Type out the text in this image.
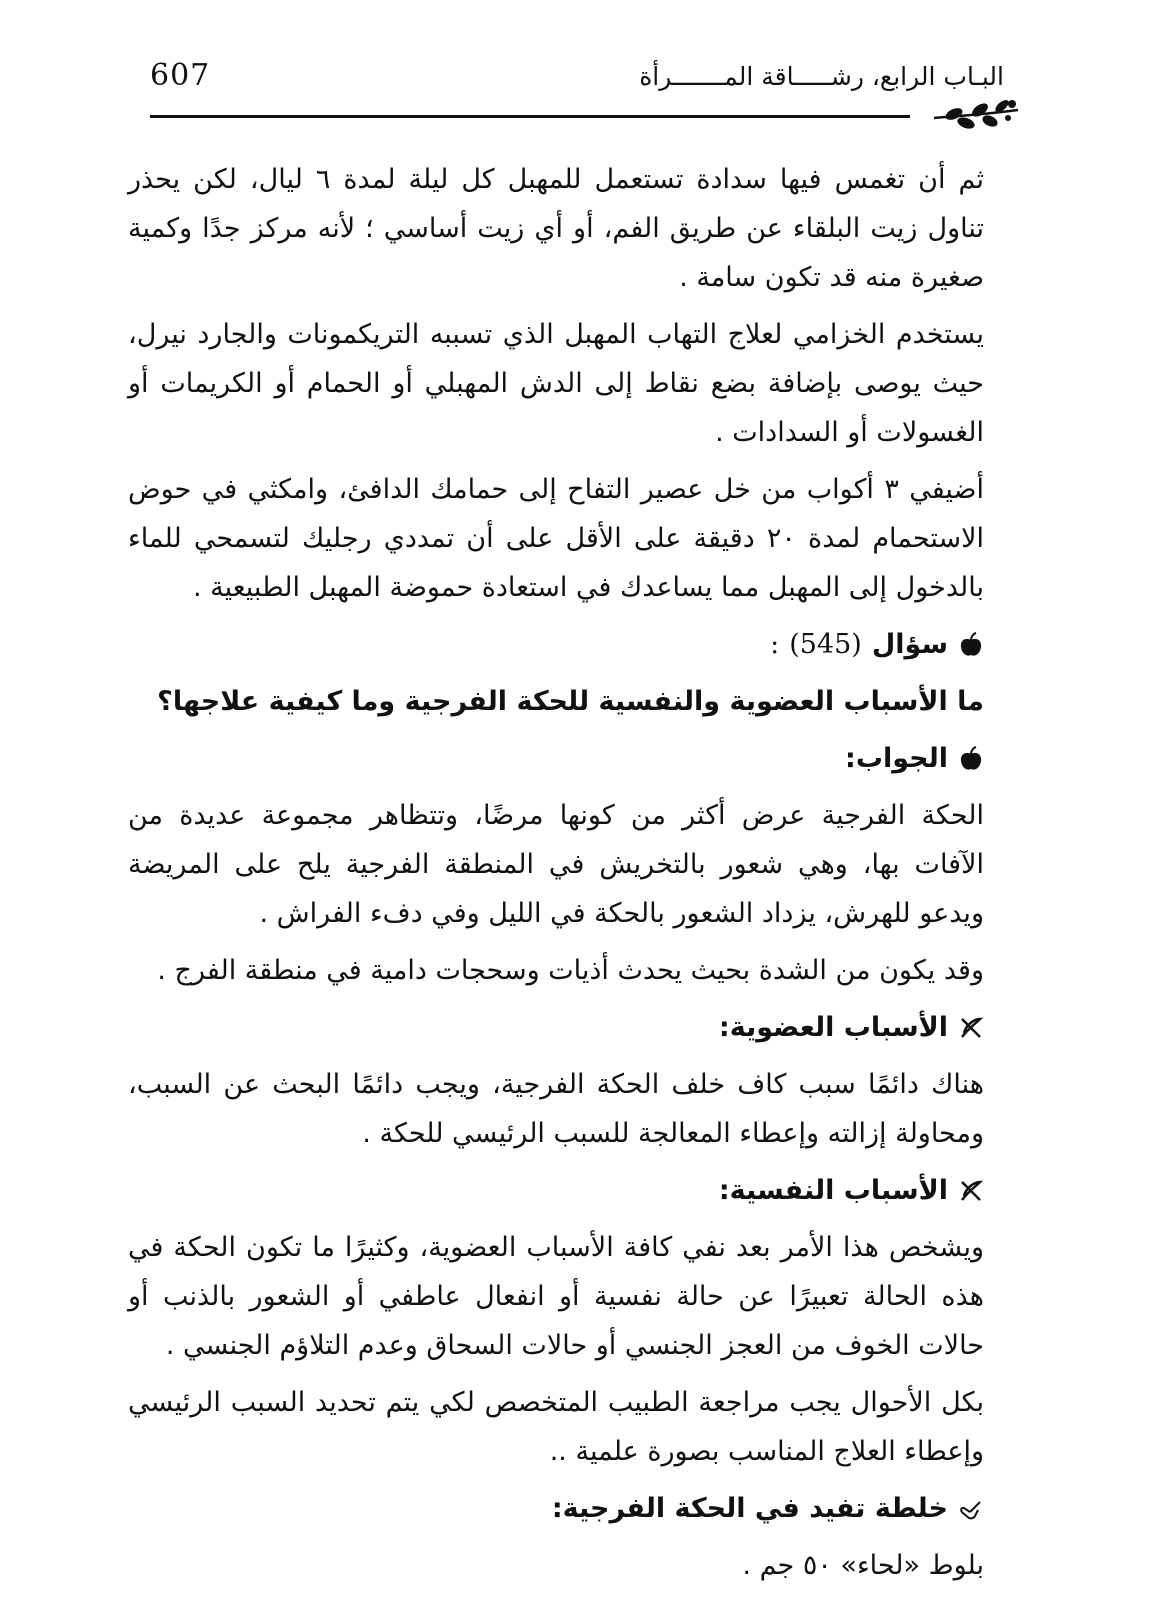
607	البـاب الرابع، رشـــــاقة المـــــــرأة

ثم أن تغمس فيها سدادة تستعمل للمهبل كل ليلة لمدة ٦ ليال، لكن يحذر تناول زيت البلقاء عن طريق الفم، أو أي زيت أساسي ؛ لأنه مركز جدًا وكمية صغيرة منه قد تكون سامة .

يستخدم الخزامي لعلاج التهاب المهبل الذي تسببه التريكمونات والجارد نيرل، حيث يوصى بإضافة بضع نقاط إلى الدش المهبلي أو الحمام أو الكريمات أو الغسولات أو السدادات .

أضيفي ٣ أكواب من خل عصير التفاح إلى حمامك الدافئ، وامكثي في حوض الاستحمام لمدة ٢٠ دقيقة على الأقل على أن تمددي رجليك لتسمحي للماء بالدخول إلى المهبل مما يساعدك في استعادة حموضة المهبل الطبيعية .

سؤال
(545)
:

ما الأسباب العضوية والنفسية للحكة الفرجية وما كيفية علاجها؟

الجواب:

الحكة الفرجية عرض أكثر من كونها مرضًا، وتتظاهر مجموعة عديدة من الآفات بها، وهي شعور بالتخريش في المنطقة الفرجية يلح على المريضة ويدعو للهرش، يزداد الشعور بالحكة في الليل وفي دفء الفراش .

وقد يكون من الشدة بحيث يحدث أذيات وسحجات دامية في منطقة الفرج .

الأسباب العضوية:

هناك دائمًا سبب كاف خلف الحكة الفرجية، ويجب دائمًا البحث عن السبب، ومحاولة إزالته وإعطاء المعالجة للسبب الرئيسي للحكة .

الأسباب النفسية:

ويشخص هذا الأمر بعد نفي كافة الأسباب العضوية، وكثيرًا ما تكون الحكة في هذه الحالة تعبيرًا عن حالة نفسية أو انفعال عاطفي أو الشعور بالذنب أو حالات الخوف من العجز الجنسي أو حالات السحاق وعدم التلاؤم الجنسي .

بكل الأحوال يجب مراجعة الطبيب المتخصص لكي يتم تحديد السبب الرئيسي وإعطاء العلاج المناسب بصورة علمية ..

خلطة تفيد في الحكة الفرجية:

بلوط «لحاء» ٥٠ جم .
